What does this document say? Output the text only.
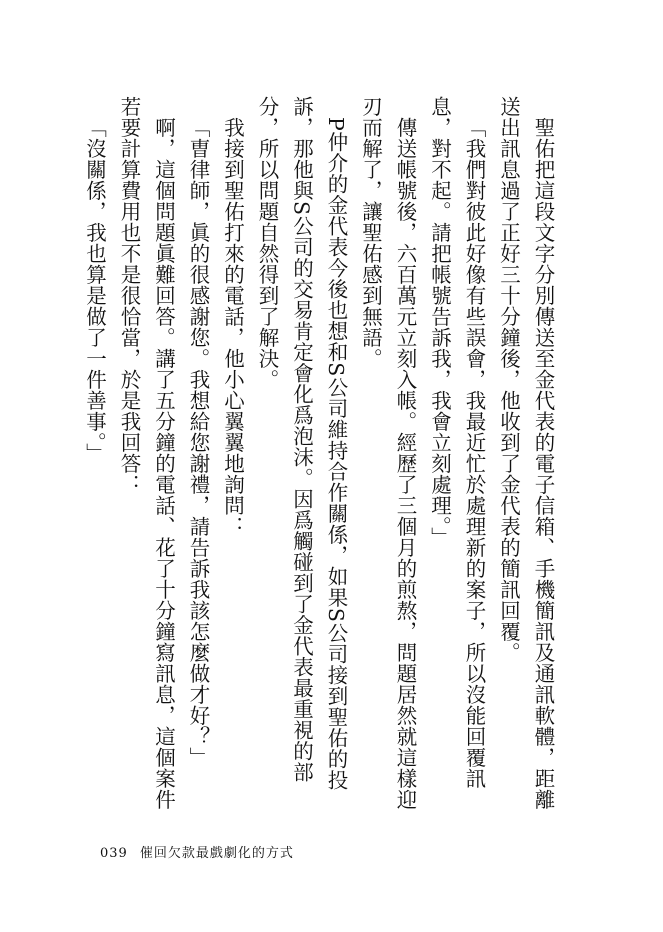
聖佑把這段文字分別傳送至金代表的電子信箱、手機簡訊及通訊軟體，距離送出訊息過了正好三十分鐘後，他收到了金代表的簡訊回覆。

「我們對彼此好像有些誤會，我最近忙於處理新的案子，所以沒能回覆訊息，對不起。請把帳號告訴我，我會立刻處理。」

傳送帳號後，六百萬元立刻入帳。經歷了三個月的煎熬，問題居然就這樣迎刃而解了，讓聖佑感到無語。

P仲介的金代表今後也想和S公司維持合作關係，如果S公司接到聖佑的投訴，那他與S公司的交易肯定會化爲泡沫。因爲觸碰到了金代表最重視的部分，所以問題自然得到了解決。

我接到聖佑打來的電話，他小心翼翼地詢問：

「曺律師，眞的很感謝您。我想給您謝禮，請告訴我該怎麼做才好？」

啊，這個問題眞難回答。講了五分鐘的電話、花了十分鐘寫訊息，這個案件若要計算費用也不是很恰當，於是我回答：

「沒關係，我也算是做了一件善事。」

039 催回欠款最戲劇化的方式
